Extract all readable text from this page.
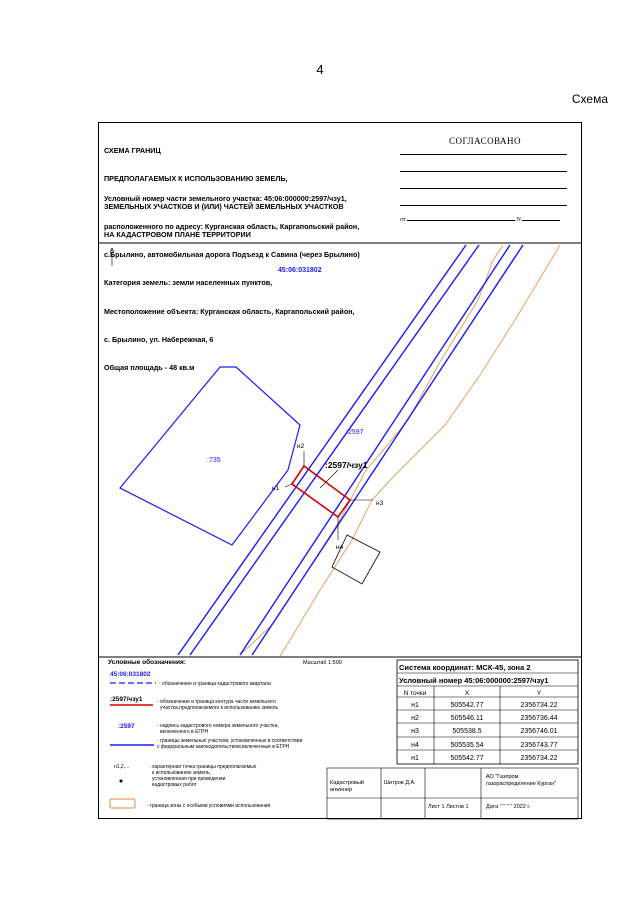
4
Схема

СХЕМА ГРАНИЦ

ПРЕДПОЛАГАЕМЫХ К ИСПОЛЬЗОВАНИЮ ЗЕМЕЛЬ,

ЗЕМЕЛЬНЫХ УЧАСТКОВ И (ИЛИ) ЧАСТЕЙ ЗЕМЕЛЬНЫХ УЧАСТКОВ

НА КАДАСТРОВОМ ПЛАНЕ ТЕРРИТОРИИ

Условный номер части земельного участка: 45:06:000000:2597/чзу1,

расположенного по адресу: Курганская область, Каргапольский район,

с.Брылино, автомобильная дорога Подъезд к Савина (через Брылино)

Категория земель: земли населенных пунктов,

Местоположение объекта: Курганская область, Каргапольский район,

с. Брылино, ул. Набережная, 6

Общая площадь - 48 кв.м

СОГЛАСОВАНО
от	N
45:06:031802
:735
:2597
:2597/чзу1
н1
н2
н3
н4
Условные обозначения:	Масштаб 1:500
45:06:031802
- обозначение и граница кадастрового квартала
:2597/чзу1	- обозначение и граница контура части земельного
участка,предполагаемого к использованию земель
:2597	- надпись кадастрового номера земельного участка,
включенного в ЕГРН
- границы земельных участков, установленных в соответствии
с федеральным законодательством,включенные в ЕГРН
н1,2,...	- характерная точка границы предполагаемых
к использованию земель,
установленная при проведении
кадастровых работ
- граница зоны с особыми условиями использования
Система координат: МСК-45, зона 2
Условный номер 45:06:000000:2597/чзу1
N точки	X	Y
н1	505542.77	2356734.22
н2	505546.11	2356736.44
н3	505538.5	2356746.01
н4	505535.54	2356743.77
н1	505542.77	2356734.22
Кадастровый
инженер
Шитров Д.А.
АО "Газпром
газораспределение Курган"
Лист 1 Листов 1	Дата " " " " 2022 г.
